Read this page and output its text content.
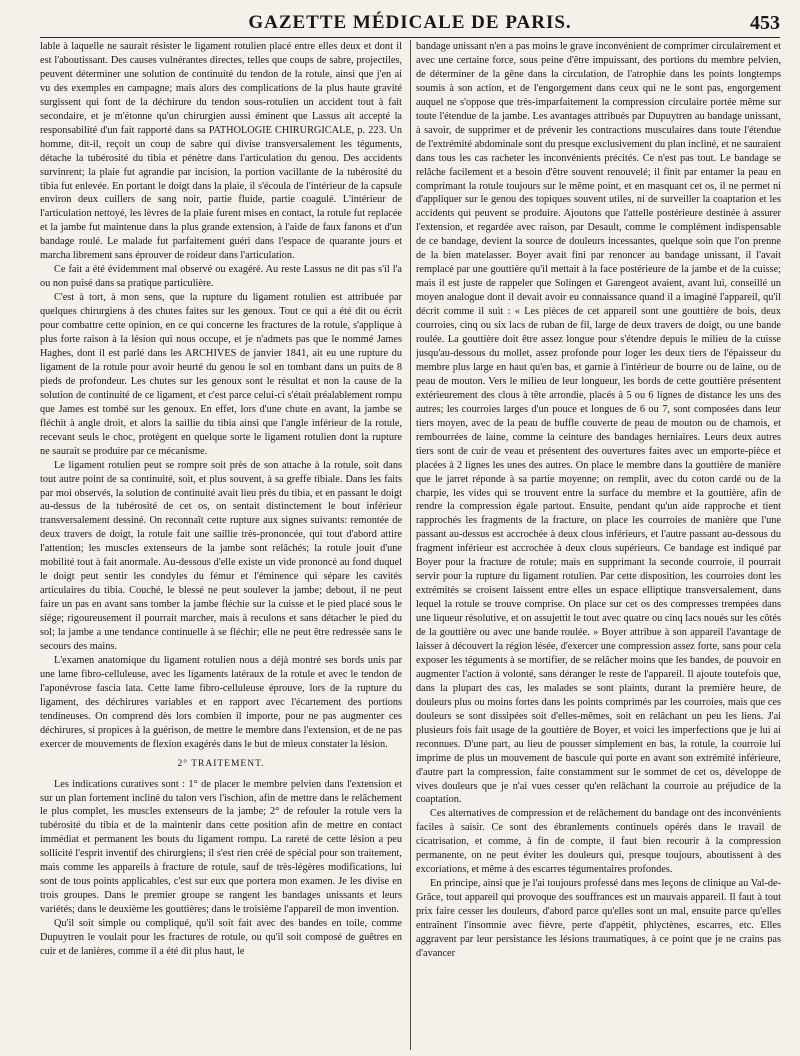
GAZETTE MÉDICALE DE PARIS.	453

lable à laquelle ne saurait résister le ligament rotulien placé entre elles deux et dont il est l'aboutissant. Des causes vulnérantes directes, telles que coups de sabre, projectiles, peuvent déterminer une solution de continuité du tendon de la rotule, ainsi que j'en ai vu des exemples en campagne; mais alors des complications de la plus haute gravité surgissent qui font de la déchirure du tendon sous-rotulien un accident tout à fait secondaire, et je m'étonne qu'un chirurgien aussi éminent que Lassus ait accepté la responsabilité d'un fait rapporté dans sa PATHOLOGIE CHIRURGICALE, p. 223. Un homme, dit-il, reçoit un coup de sabre qui divise transversalement les téguments, détache la tubérosité du tibia et pénètre dans l'articulation du genou. Des accidents survinrent; la plaie fut agrandie par incision, la portion vacillante de la tubérosité du tibia fut enlevée. En portant le doigt dans la plaie, il s'écoula de l'intérieur de la capsule environ deux cuillers de sang noir, partie fluide, partie coagulé. L'intérieur de l'articulation nettoyé, les lèvres de la plaie furent mises en contact, la rotule fut replacée et la jambe fut maintenue dans la plus grande extension, à l'aide de faux fanons et d'un bandage roulé. Le malade fut parfaitement guéri dans l'espace de quarante jours et marcha librement sans éprouver de roideur dans l'articulation.

Ce fait a été évidemment mal observé ou exagéré. Au reste Lassus ne dit pas s'il l'a ou non puisé dans sa pratique particulière.

C'est à tort, à mon sens, que la rupture du ligament rotulien est attribuée par quelques chirurgiens à des chutes faites sur les genoux. Tout ce qui a été dit ou écrit pour combattre cette opinion, en ce qui concerne les fractures de la rotule, s'applique à plus forte raison à la lésion qui nous occupe, et je n'admets pas que le nommé James Haghes, dont il est parlé dans les ARCHIVES de janvier 1841, ait eu une rupture du ligament de la rotule pour avoir heurté du genou le sol en tombant dans un puits de 8 pieds de profondeur. Les chutes sur les genoux sont le résultat et non la cause de la solution de continuité de ce ligament, et c'est parce celui-ci s'était préalablement rompu que James est tombé sur les genoux. En effet, lors d'une chute en avant, la jambe se fléchit à angle droit, et alors la saillie du tibia ainsi que l'angle inférieur de la rotule, recevant seuls le choc, protègent en quelque sorte le ligament rotulien dont la rupture ne saurait se produire par ce mécanisme.

Le ligament rotulien peut se rompre soit près de son attache à la rotule, soit dans tout autre point de sa continuité, soit, et plus souvent, à sa greffe tibiale. Dans les faits par moi observés, la solution de continuité avait lieu près du tibia, et en passant le doigt au-dessus de la tubérosité de cet os, on sentait distinctement le bout inférieur transversalement dessiné. On reconnaît cette rupture aux signes suivants: remontée de deux travers de doigt, la rotule fait une saillie très-prononcée, qui tout d'abord attire l'attention; les muscles extenseurs de la jambe sont relâchés; la rotule jouit d'une mobilité tout à fait anormale. Au-dessous d'elle existe un vide prononcé au fond duquel le doigt peut sentir les condyles du fémur et l'éminence qui sépare les cavités articulaires du tibia. Couché, le blessé ne peut soulever la jambe; debout, il ne peut faire un pas en avant sans tomber la jambe fléchie sur la cuisse et le pied placé sous le siége; rigoureusement il pourrait marcher, mais à reculons et sans détacher le pied du sol; la jambe a une tendance continuelle à se fléchir; elle ne peut être redressée sans le secours des mains.

L'examen anatomique du ligament rotulien nous a déjà montré ses bords unis par une lame fibro-celluleuse, avec les ligaments latéraux de la rotule et avec le tendon de l'aponévrose fascia lata. Cette lame fibro-celluleuse éprouve, lors de la rupture du ligament, des déchirures variables et en rapport avec l'écartement des portions tendineuses. On comprend dès lors combien il importe, pour ne pas augmenter ces déchirures, si propices à la guérison, de mettre le membre dans l'extension, et de ne pas exercer de mouvements de flexion exagérés dans le but de mieux constater la lésion.

2° TRAITEMENT.

Les indications curatives sont : 1° de placer le membre pelvien dans l'extension et sur un plan fortement incliné du talon vers l'ischion, afin de mettre dans le relâchement le plus complet, les muscles extenseurs de la jambe; 2° de refouler la rotule vers la tubérosité du tibia et de la maintenir dans cette position afin de mettre en contact immédiat et permanent les bouts du ligament rompu. La rareté de cette lésion a peu sollicité l'esprit inventif des chirurgiens; il s'est rien créé de spécial pour son traitement, mais comme les appareils à fracture de rotule, sauf de très-légères modifications, lui sont de tous points applicables, c'est sur eux que portera mon examen. Je les divise en trois groupes. Dans le premier groupe se rangent les bandages unissants et leurs variétés; dans le deuxième les gouttières; dans le troisième l'appareil de mon invention.

Qu'il soit simple ou compliqué, qu'il soit fait avec des bandes en toile, comme Dupuytren le voulait pour les fractures de rotule, ou qu'il soit composé de guêtres en cuir et de lanières, comme il a été dit plus haut, le

bandage unissant n'en a pas moins le grave inconvénient de comprimer circulairement et avec une certaine force, sous peine d'être impuissant, des portions du membre pelvien, de déterminer de la gêne dans la circulation, de l'atrophie dans les points longtemps soumis à son action, et de l'engorgement dans ceux qui ne le sont pas, engorgement auquel ne s'oppose que très-imparfaitement la compression circulaire portée même sur toute l'étendue de la jambe. Les avantages attribués par Dupuytren au bandage unissant, à savoir, de supprimer et de prévenir les contractions musculaires dans toute l'étendue de l'extrémité abdominale sont du presque exclusivement du plan incliné, et ne sauraient dans tous les cas racheter les inconvénients précités. Ce n'est pas tout. Le bandage se relâche facilement et a besoin d'être souvent renouvelé; il finit par entamer la peau en comprimant la rotule toujours sur le même point, et en masquant cet os, il ne permet ni d'appliquer sur le genou des topiques souvent utiles, ni de surveiller la coaptation et les accidents qui peuvent se produire. Ajoutons que l'attelle postérieure destinée à assurer l'extension, et regardée avec raison, par Desault, comme le complément indispensable de ce bandage, devient la source de douleurs incessantes, quelque soin que l'on prenne de la bien matelasser. Boyer avait fini par renoncer au bandage unissant, il l'avait remplacé par une gouttière qu'il mettait à la face postérieure de la jambe et de la cuisse; mais il est juste de rappeler que Solingen et Garengeot avaient, avant lui, conseillé un moyen analogue dont il devait avoir eu connaissance quand il a imaginé l'appareil, qu'il décrit comme il suit : « Les pièces de cet appareil sont une gouttière de bois, deux courroies, cinq ou six lacs de ruban de fil, large de deux travers de doigt, ou une bande roulée. La gouttière doit être assez longue pour s'étendre depuis le milieu de la cuisse jusqu'au-dessous du mollet, assez profonde pour loger les deux tiers de l'épaisseur du membre plus large en haut qu'en bas, et garnie à l'intérieur de bourre ou de laine, ou de peau de mouton. Vers le milieu de leur longueur, les bords de cette gouttière présentent extérieurement des clous à tête arrondie, placés à 5 ou 6 lignes de distance les uns des autres; les courroies larges d'un pouce et longues de 6 ou 7, sont composées dans leur tiers moyen, avec de la peau de buffle couverte de peau de mouton ou de chamois, et rembourrées de laine, comme la ceinture des bandages herniaires. Leurs deux autres tiers sont de cuir de veau et présentent des ouvertures faites avec un emporte-pièce et placées à 2 lignes les unes des autres. On place le membre dans la gouttière de manière que le jarret réponde à sa partie moyenne; on remplit, avec du coton cardé ou de la charpie, les vides qui se trouvent entre la surface du membre et la gouttière, afin de rendre la compression égale partout. Ensuite, pendant qu'un aide rapproche et tient rapprochés les fragments de la fracture, on place les courroies de manière que l'une passant au-dessus est accrochée à deux clous inférieurs, et l'autre passant au-dessous du fragment inférieur est accrochée à deux clous supérieurs. Ce bandage est indiqué par Boyer pour la fracture de rotule; mais en supprimant la seconde courroie, il pourrait servir pour la rupture du ligament rotulien. Par cette disposition, les courroies dont les extrémités se croisent laissent entre elles un espace elliptique transversalement, dans lequel la rotule se trouve comprise. On place sur cet os des compresses trempées dans une liqueur résolutive, et on assujettit le tout avec quatre ou cinq lacs noués sur les côtés de la gouttière ou avec une bande roulée. » Boyer attribue à son appareil l'avantage de laisser à découvert la région lésée, d'exercer une compression assez forte, sans pour cela exposer les téguments à se mortifier, de se relâcher moins que les bandes, de pouvoir en augmenter l'action à volonté, sans déranger le reste de l'appareil. Il ajoute toutefois que, dans la plupart des cas, les malades se sont plaints, durant la première heure, de douleurs plus ou moins fortes dans les points comprimés par les courroies, mais que ces douleurs se sont dissipées soit d'elles-mêmes, soit en relâchant un peu les liens. J'ai plusieurs fois fait usage de la gouttière de Boyer, et voici les imperfections que je lui ai reconnues. D'une part, au lieu de pousser simplement en bas, la rotule, la courroie lui imprime de plus un mouvement de bascule qui porte en avant son extrémité inférieure, d'autre part la compression, faite constamment sur le sommet de cet os, développe de vives douleurs que je n'ai vues cesser qu'en relâchant la courroie au préjudice de la coaptation.

Ces alternatives de compression et de relâchement du bandage ont des inconvénients faciles à saisir. Ce sont des ébranlements continuels opérés dans le travail de cicatrisation, et comme, à fin de compte, il faut bien recourir à la compression permanente, on ne peut éviter les douleurs qui, presque toujours, aboutissent à des excoriations, et même à des escarres tégumentaires profondes.

En principe, ainsi que je l'ai toujours professé dans mes leçons de clinique au Val-de-Grâce, tout appareil qui provoque des souffrances est un mauvais appareil. Il faut à tout prix faire cesser les douleurs, d'abord parce qu'elles sont un mal, ensuite parce qu'elles entraînent l'insomnie avec fièvre, perte d'appétit, phlyctènes, escarres, etc. Elles aggravent par leur persistance les lésions traumatiques, à ce point que je ne crains pas d'avancer
